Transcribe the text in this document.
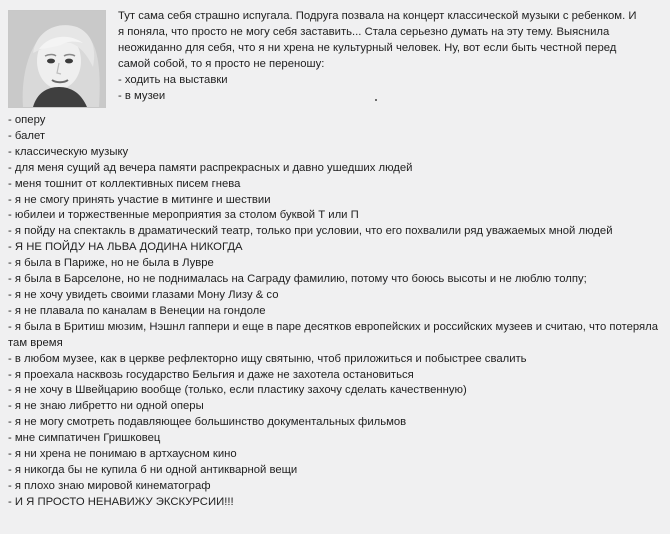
Тут сама себя страшно испугала. Подруга позвала на концерт классической музыки с ребенком. И
я поняла, что просто не могу себя заставить... Стала серьезно думать на эту тему. Выяснила
неожиданно для себя, что я ни хрена не культурный человек. Ну, вот если быть честной перед
самой собой, то я просто не переношу:
- ходить на выставки
- в музеи
- оперу
- балет
- классическую музыку
- для меня сущий ад вечера памяти распрекрасных и давно ушедших людей
- меня тошнит от коллективных писем гнева
- я не смогу принять участие в митинге и шествии
- юбилеи и торжественные мероприятия за столом буквой Т или П
- я пойду на спектакль в драматический театр, только при условии, что его похвалили ряд уважаемых мной людей
- Я НЕ ПОЙДУ НА ЛЬВА ДОДИНА НИКОГДА
- я была в Париже, но не была в Лувре
- я была в Барселоне, но не поднималась на Саграду фамилию, потому что боюсь высоты и не люблю толпу;
- я не хочу увидеть своими глазами Мону Лизу & со
- я не плавала по каналам в Венеции на гондоле
- я была в Бритиш мюзим, Нэшнл гаппери и еще в паре десятков европейских и российских музеев и считаю, что потерялa там время
- в любом музее, как в церкве рефлекторно ищу святыню, чтоб приложиться и побыстрее свалить
- я проехала насквозь государство Бельгия и даже не захотела остановиться
- я не хочу в Швейцарию вообще (только, если пластику захочу сделать качественную)
- я не знаю либретто ни одной оперы
- я не могу смотреть подавляющее большинство документальных фильмов
- мне симпатичен Гришковец
- я ни хрена не понимаю в артхаусном кино
- я никогда бы не купила б ни одной антикварной вещи
- я плохо знаю мировой кинематограф
- И Я ПРОСТО НЕНАВИЖУ ЭКСКУРСИИ!!!
